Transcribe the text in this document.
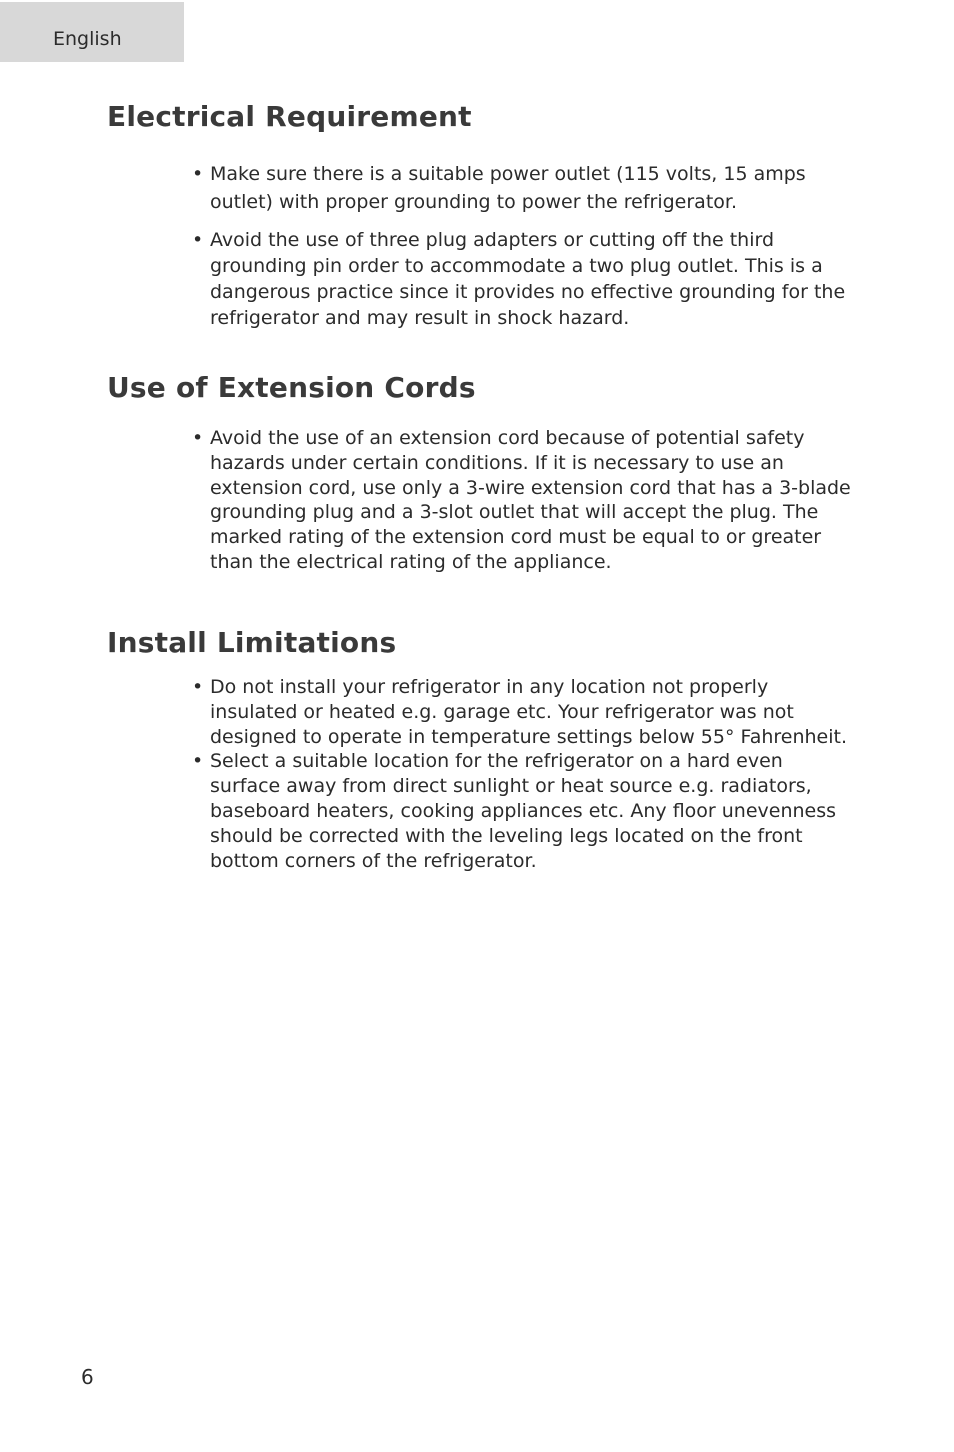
English
Electrical Requirement
• Make sure there is a suitable power outlet (115 volts, 15 amps outlet) with proper grounding to power the refrigerator.
• Avoid the use of three plug adapters or cutting off the third grounding pin order to accommodate a two plug outlet. This is a dangerous practice since it provides no effective grounding for the refrigerator and may result in shock hazard.
Use of Extension Cords
• Avoid the use of an extension cord because of potential safety hazards under certain conditions. If it is necessary to use an extension cord, use only a 3-wire extension cord that has a 3-blade grounding plug and a 3-slot outlet that will accept the plug. The marked rating of the extension cord must be equal to or greater than the electrical rating of the appliance.
Install Limitations
• Do not install your refrigerator in any location not properly insulated or heated e.g. garage etc. Your refrigerator was not designed to operate in temperature settings below 55° Fahrenheit.
• Select a suitable location for the refrigerator on a hard even surface away from direct sunlight or heat source e.g. radiators, baseboard heaters, cooking appliances etc. Any floor unevenness should be corrected with the leveling legs located on the front bottom corners of the refrigerator.
6
